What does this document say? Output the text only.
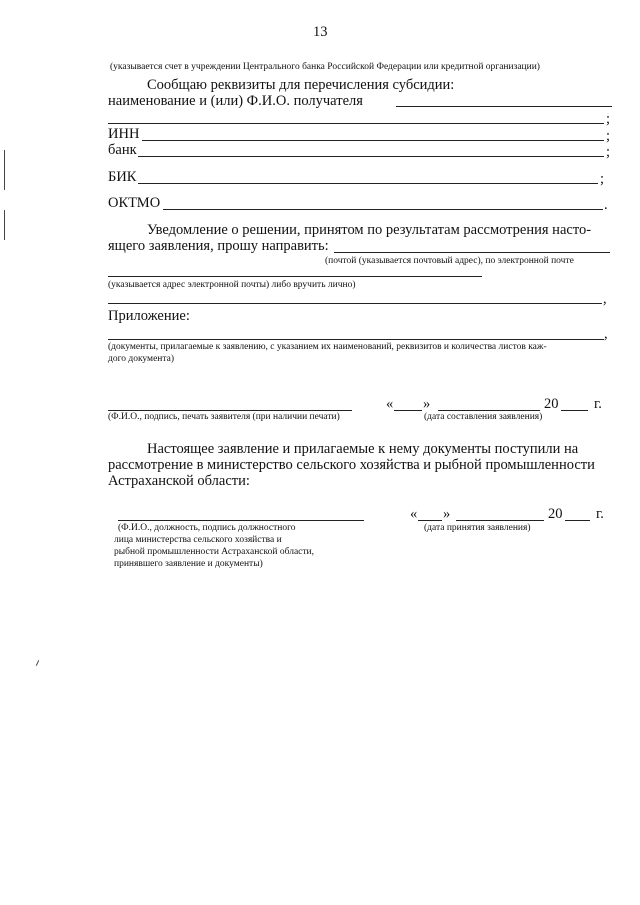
13
(указывается счет в учреждении Центрального банка Российской Федерации или кредитной организации)
Сообщаю реквизиты для перечисления субсидии:
наименование и (или) Ф.И.О. получателя
;
ИНН	;
банк	;
БИК	;
ОКТМО	.
Уведомление о решении, принятом по результатам рассмотрения насто-
ящего заявления, прошу направить:
(почтой (указывается почтовый адрес), по электронной почте
(указывается адрес электронной почты) либо вручить лично)
,
Приложение:
,
(документы, прилагаемые к заявлению, с указанием их наименований, реквизитов и количества листов каж-
дого документа)
« »	20 г.
(Ф.И.О., подпись, печать заявителя (при наличии печати)	(дата составления заявления)
Настоящее заявление и прилагаемые к нему документы поступили на
рассмотрение в министерство сельского хозяйства и рыбной промышленности
Астраханской области:
« »	20 г.
(Ф.И.О., должность, подпись должностного
лица министерства сельского хозяйства и
рыбной промышленности Астраханской области,
принявшего заявление и документы)
(дата принятия заявления)
